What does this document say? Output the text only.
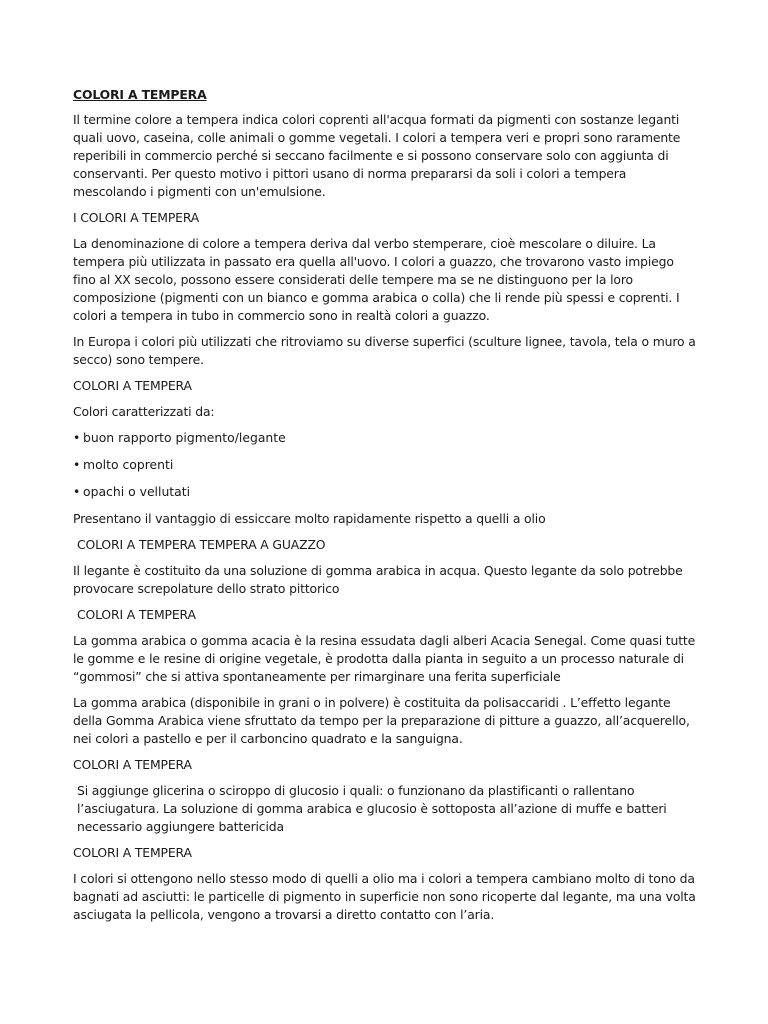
COLORI A TEMPERA

Il termine colore a tempera indica colori coprenti̇ all'acqua formati̇ da pigmenti̇ con sostanze leganti̇ quali uovo, caseina, colle animali o gomme vegetali. I colori a tempera veri e propri sono raramente reperibili in commercio perché si seccano facilmente e si possono conservare solo con aggiunta di conservanti̇. Per questo moti̇vo i pittori usano di norma prepararsi da soli i colori a tempera mescolando i pigmenti̇ con un'emulsione.

I COLORI A TEMPERA

La denominazione di colore a tempera deriva dal verbo stemperare, cioè mescolare o diluire. La tempera più uti̇lizzata in passato era quella all'uovo. I colori a guazzo, che trovarono vasto impiego fino al XX secolo, possono essere considerati̇ delle tempere ma se ne disti̇nguono per la loro composizione (pigmenti̇ con un bianco e gomma arabica o colla) che li rende più spessi e coprenti̇. I colori a tempera in tubo in commercio sono in realtà colori a guazzo.

In Europa i colori più uti̇lizzati̇ che ritroviamo su diverse superfici (sculture lignee, tavola, tela o muro a secco) sono tempere.

COLORI A TEMPERA

Colori caratterizzati̇ da:

• buon rapporto pigmento/legante
• molto coprenti̇
• opachi o vellutati̇

Presentano il vantaggio di essiccare molto rapidamente rispetto a quelli a olio

COLORI A TEMPERA TEMPERA A GUAZZO

Il legante è costi̇tuito da una soluzione di gomma arabica in acqua. Questo legante da solo potrebbe provocare screpolature dello strato pittorico

COLORI A TEMPERA

La gomma arabica o gomma acacia è la resina essudata dagli alberi Acacia Senegal. Come quasi tutte le gomme e le resine di origine vegetale, è prodotta dalla pianta in seguito a un processo naturale di “gommosi” che si atti̇va spontaneamente per rimarginare una ferita superficiale

La gomma arabica (disponibile in grani o in polvere) è costi̇tuita da polisaccaridi . L’effetto legante della Gomma Arabica viene sfruttato da tempo per la preparazione di pitture a guazzo, all’acquerello, nei colori a pastello e per il carboncino quadrato e la sanguigna.

COLORI A TEMPERA

Si aggiunge glicerina o sciroppo di glucosio i quali: o funzionano da plasti̇ficanti̇ o rallentano l’asciugatura. La soluzione di gomma arabica e glucosio è sottoposta all’azione di muffe e batteri necessario aggiungere battericida

COLORI A TEMPERA

I colori si ottengono nello stesso modo di quelli a olio ma i colori a tempera cambiano molto di tono da bagnati̇ ad asciutti̇: le parti̇celle di pigmento in superficie non sono ricoperte dal legante, ma una volta asciugata la pellicola, vengono a trovarsi a diretto contatto con l’aria.
